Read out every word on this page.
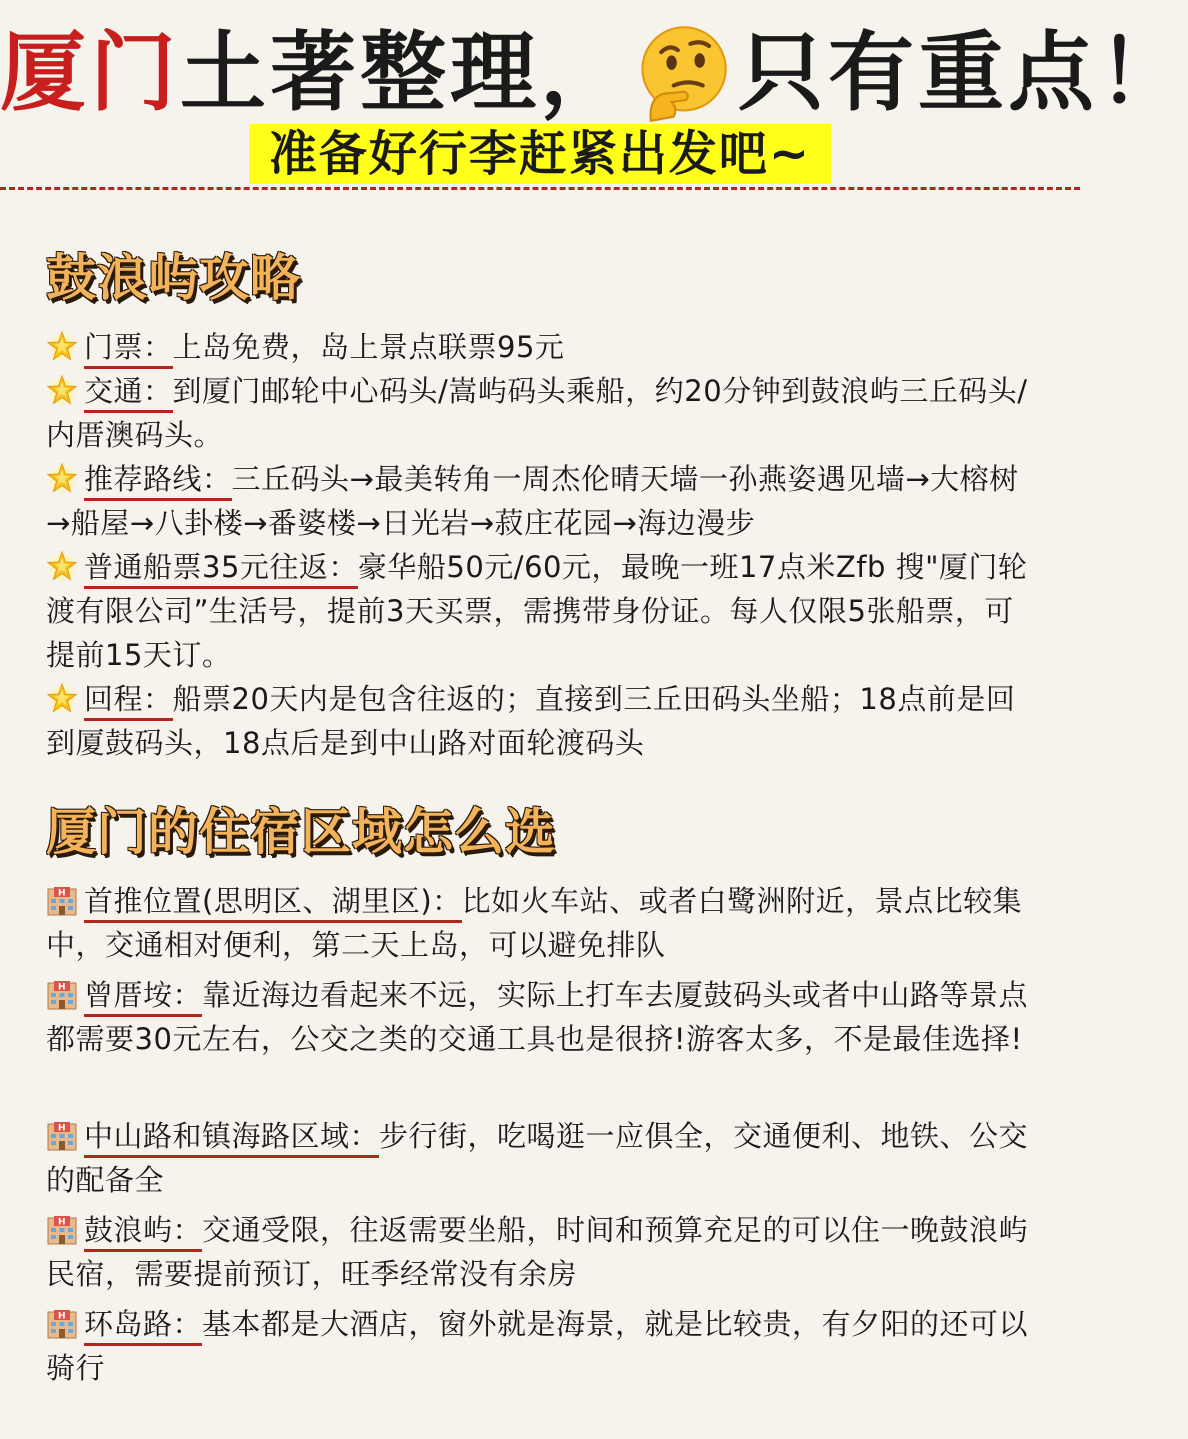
厦门土著整理， 只有重点！
准备好行李赶紧出发吧~
鼓浪屿攻略
门票：上岛免费，岛上景点联票95元
交通：到厦门邮轮中心码头/嵩屿码头乘船，约20分钟到鼓浪屿三丘码头/内厝澳码头。
推荐路线：三丘码头→最美转角一周杰伦晴天墙一孙燕姿遇见墙→大榕树→船屋→八卦楼→番婆楼→日光岩→菽庄花园→海边漫步
普通船票35元往返：豪华船50元/60元，最晚一班17点米Zfb 搜"厦门轮渡有限公司”生活号，提前3天买票，需携带身份证。每人仅限5张船票，可提前15天订。
回程：船票20天内是包含往返的；直接到三丘田码头坐船；18点前是回到厦鼓码头，18点后是到中山路对面轮渡码头
厦门的住宿区域怎么选
首推位置(思明区、湖里区)：比如火车站、或者白鹭洲附近，景点比较集中，交通相对便利，第二天上岛，可以避免排队
曾厝垵：靠近海边看起来不远，实际上打车去厦鼓码头或者中山路等景点都需要30元左右，公交之类的交通工具也是很挤!游客太多，不是最佳选择!
中山路和镇海路区域：步行街，吃喝逛一应俱全，交通便利、地铁、公交的配备全
鼓浪屿：交通受限，往返需要坐船，时间和预算充足的可以住一晚鼓浪屿民宿，需要提前预订，旺季经常没有余房
环岛路：基本都是大酒店，窗外就是海景，就是比较贵，有夕阳的还可以骑行
